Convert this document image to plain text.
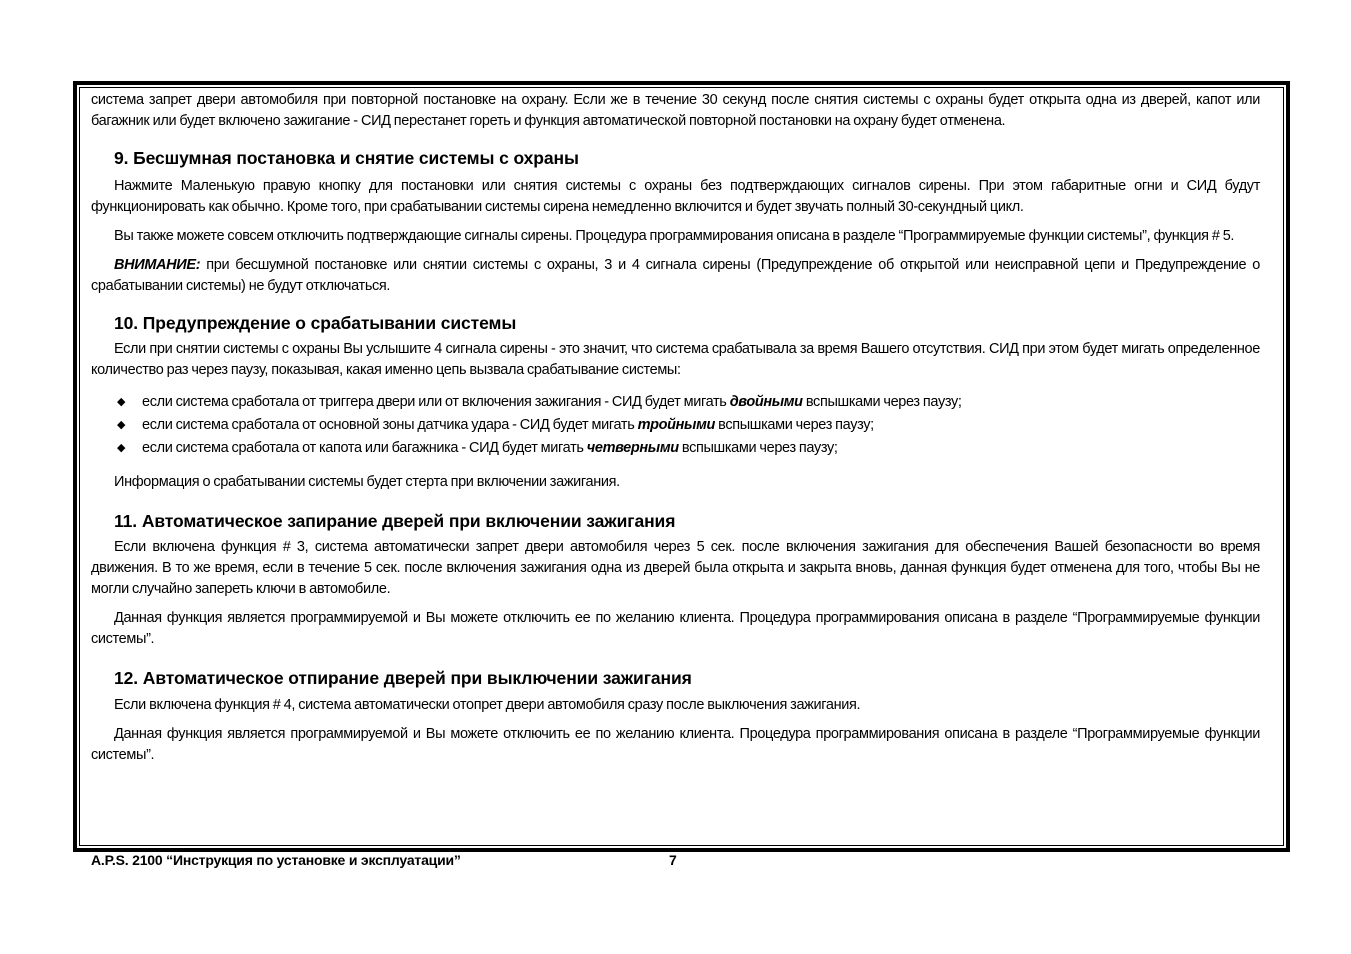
система запрет двери автомобиля при повторной постановке на охрану. Если же в течение 30 секунд после снятия системы с охраны будет открыта одна из дверей, капот или багажник или будет включено зажигание - СИД перестанет гореть и функция автоматической повторной постановки на охрану будет отменена.
9. Бесшумная постановка и снятие системы с охраны
Нажмите Маленькую правую кнопку для постановки или снятия системы с охраны без подтверждающих сигналов сирены. При этом габаритные огни и СИД будут функционировать как обычно. Кроме того, при срабатывании системы сирена немедленно включится и будет звучать полный 30-секундный цикл.
Вы также можете совсем отключить подтверждающие сигналы сирены. Процедура программирования описана в разделе “Программируемые функции системы”, функция # 5.
ВНИМАНИЕ: при бесшумной постановке или снятии системы с охраны, 3 и 4 сигнала сирены (Предупреждение об открытой или неисправной цепи и Предупреждение о срабатывании системы) не будут отключаться.
10. Предупреждение о срабатывании системы
Если при снятии системы с охраны Вы услышите 4 сигнала сирены - это значит, что система срабатывала за время Вашего отсутствия. СИД при этом будет мигать определенное количество раз через паузу, показывая, какая именно цепь вызвала срабатывание системы:
◆ если система сработала от триггера двери или от включения зажигания - СИД будет мигать двойными вспышками через паузу;
◆ если система сработала от основной зоны датчика удара - СИД будет мигать тройными вспышками через паузу;
◆ если система сработала от капота или багажника - СИД будет мигать четверными вспышками через паузу;
Информация о срабатывании системы будет стерта при включении зажигания.
11. Автоматическое запирание дверей при включении зажигания
Если включена функция # 3, система автоматически запрет двери автомобиля через 5 сек. после включения зажигания для обеспечения Вашей безопасности во время движения. В то же время, если в течение 5 сек. после включения зажигания одна из дверей была открыта и закрыта вновь, данная функция будет отменена для того, чтобы Вы не могли случайно запереть ключи в автомобиле.
Данная функция является программируемой и Вы можете отключить ее по желанию клиента. Процедура программирования описана в разделе “Программируемые функции системы”.
12. Автоматическое отпирание дверей при выключении зажигания
Если включена функция # 4, система автоматически отопрет двери автомобиля сразу после выключения зажигания.
Данная функция является программируемой и Вы можете отключить ее по желанию клиента. Процедура программирования описана в разделе “Программируемые функции системы”.
A.P.S. 2100 “Инструкция по установке и эксплуатации”	7
